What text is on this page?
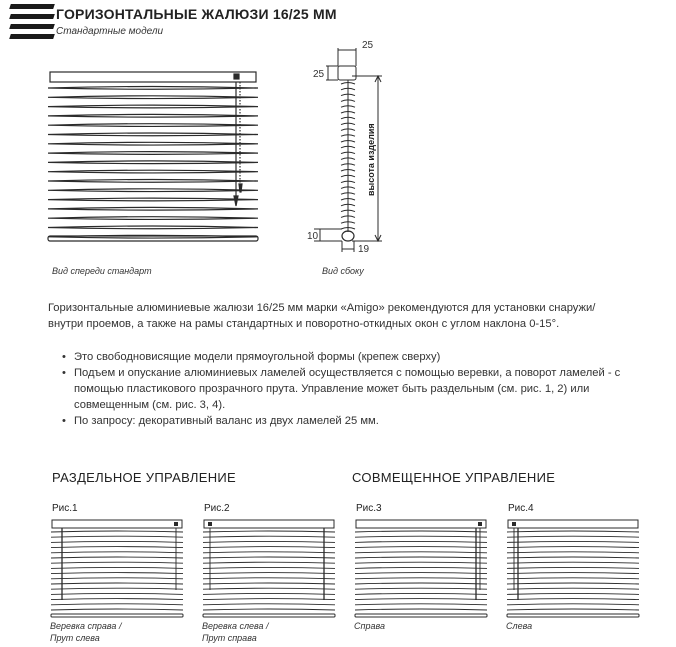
ГОРИЗОНТАЛЬНЫЕ ЖАЛЮЗИ 16/25 ММ
Стандартные модели
Вид спереди стандарт
25
25
10
19
высота изделия
Вид сбоку
Горизонтальные алюминиевые жалюзи 16/25 мм марки «Amigo» рекомендуются для установки снаружи/внутри проемов, а также на рамы стандартных и поворотно-откидных окон с углом наклона 0-15°.
• Это свободновисящие модели прямоугольной формы (крепеж сверху)
• Подъем и опускание алюминиевых ламелей осуществляется с помощью веревки, а поворот ламелей - с помощью пластикового прозрачного прута. Управление может быть раздельным (см. рис. 1, 2) или совмещенным (см. рис. 3, 4).
• По запросу: декоративный валанс из двух ламелей 25 мм.
РАЗДЕЛЬНОЕ УПРАВЛЕНИЕ	СОВМЕЩЕННОЕ УПРАВЛЕНИЕ
Рис.1	Рис.2	Рис.3	Рис.4
Веревка справа /
Прут слева
Веревка слева /
Прут справа
Справа	Слева
